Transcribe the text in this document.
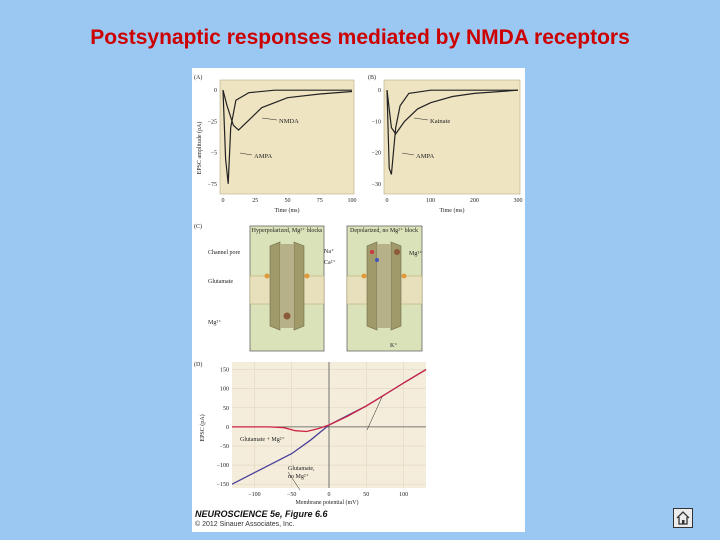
Postsynaptic responses mediated by NMDA receptors
(A)
EPSC amplitude (pA)
Time (ms)
0
−25
−5
−75
0	25	50	75	100
NMDA
AMPA
(B)
Time (ms)
0
−10
−20
−30
0	100	200	300
Kainate
AMPA
(C)
Hyperpolarized, Mg²⁺ blocks	Depolarized, no Mg²⁺ block
Channel pore
Glutamate
Mg²⁺
Na⁺
Ca²⁺
Mg²⁺
K⁺
(D)
EPSC (pA)
Membrane potential (mV)
150
100
50
0
−50
−100
−150
−100	−50	0	50	100
Glutamate + Mg²⁺
Glutamate,
no Mg²⁺
NEUROSCIENCE 5e, Figure 6.6
© 2012 Sinauer Associates, Inc.
